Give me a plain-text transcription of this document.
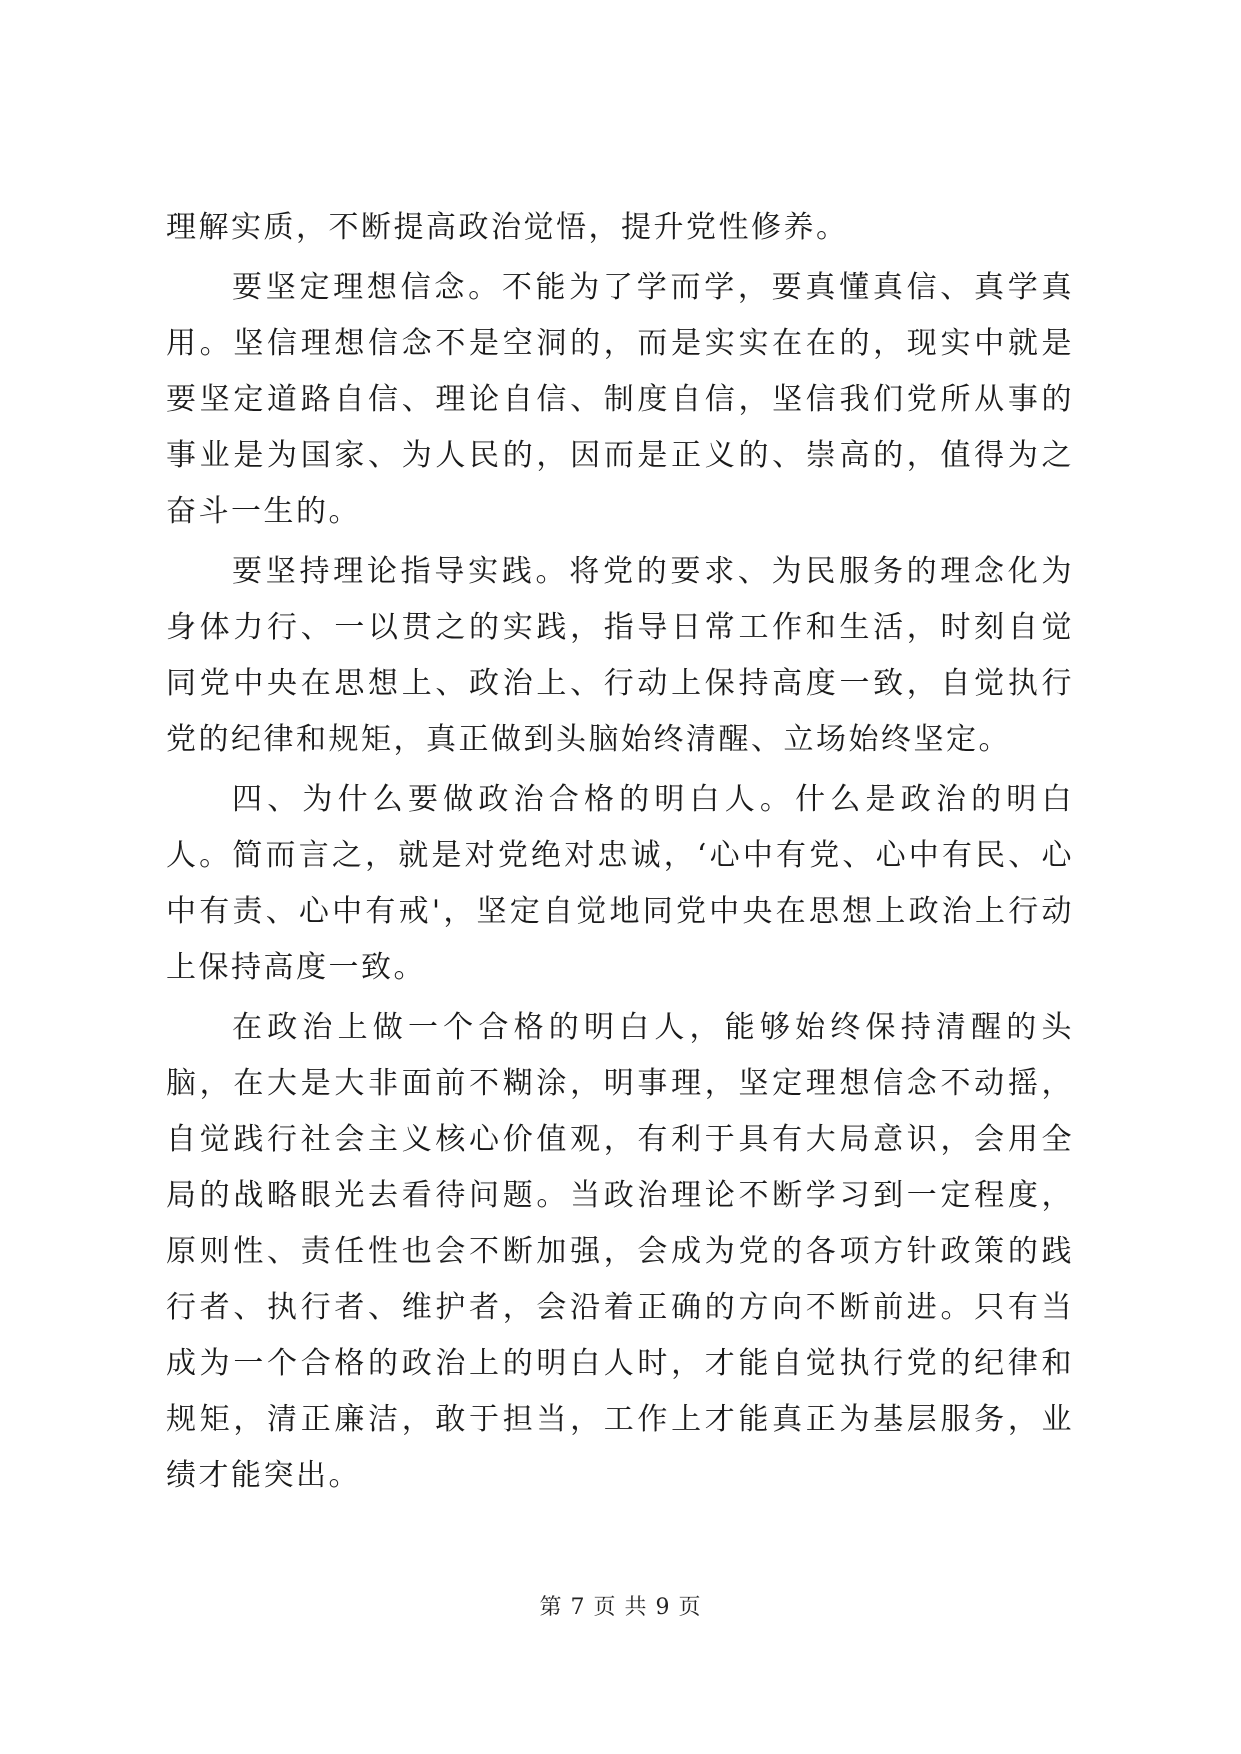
理解实质，不断提高政治觉悟，提升党性修养。

要坚定理想信念。不能为了学而学，要真懂真信、真学真用。坚信理想信念不是空洞的，而是实实在在的，现实中就是要坚定道路自信、理论自信、制度自信，坚信我们党所从事的事业是为国家、为人民的，因而是正义的、崇高的，值得为之奋斗一生的。

要坚持理论指导实践。将党的要求、为民服务的理念化为身体力行、一以贯之的实践，指导日常工作和生活，时刻自觉同党中央在思想上、政治上、行动上保持高度一致，自觉执行党的纪律和规矩，真正做到头脑始终清醒、立场始终坚定。

四、为什么要做政治合格的明白人。什么是政治的明白人。简而言之，就是对党绝对忠诚，‘心中有党、心中有民、心中有责、心中有戒'，坚定自觉地同党中央在思想上政治上行动上保持高度一致。

在政治上做一个合格的明白人，能够始终保持清醒的头脑，在大是大非面前不糊涂，明事理，坚定理想信念不动摇，自觉践行社会主义核心价值观，有利于具有大局意识，会用全局的战略眼光去看待问题。当政治理论不断学习到一定程度，原则性、责任性也会不断加强，会成为党的各项方针政策的践行者、执行者、维护者，会沿着正确的方向不断前进。只有当成为一个合格的政治上的明白人时，才能自觉执行党的纪律和规矩，清正廉洁，敢于担当，工作上才能真正为基层服务，业绩才能突出。

第 7 页 共 9 页
